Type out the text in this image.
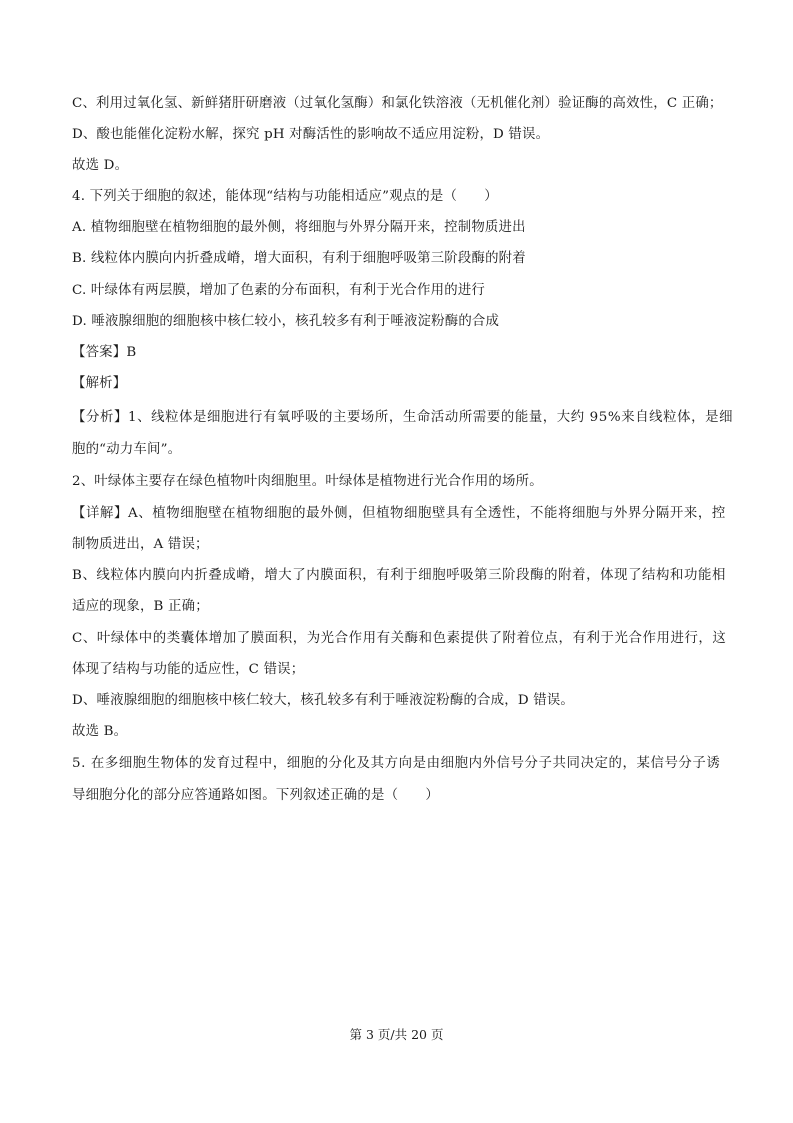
C、利用过氧化氢、新鲜猪肝研磨液（过氧化氢酶）和氯化铁溶液（无机催化剂）验证酶的高效性，C 正确；
D、酸也能催化淀粉水解，探究 pH 对酶活性的影响故不适应用淀粉，D 错误。
故选 D。
4. 下列关于细胞的叙述，能体现“结构与功能相适应”观点的是（　　）
A. 植物细胞壁在植物细胞的最外侧，将细胞与外界分隔开来，控制物质进出
B. 线粒体内膜向内折叠成嵴，增大面积，有利于细胞呼吸第三阶段酶的附着
C. 叶绿体有两层膜，增加了色素的分布面积，有利于光合作用的进行
D. 唾液腺细胞的细胞核中核仁较小，核孔较多有利于唾液淀粉酶的合成
【答案】B
【解析】
【分析】1、线粒体是细胞进行有氧呼吸的主要场所，生命活动所需要的能量，大约 95%来自线粒体，是细
胞的“动力车间”。
2、叶绿体主要存在绿色植物叶肉细胞里。叶绿体是植物进行光合作用的场所。
【详解】A、植物细胞壁在植物细胞的最外侧，但植物细胞壁具有全透性，不能将细胞与外界分隔开来，控
制物质进出，A 错误；
B、线粒体内膜向内折叠成嵴，增大了内膜面积，有利于细胞呼吸第三阶段酶的附着，体现了结构和功能相
适应的现象，B 正确；
C、叶绿体中的类囊体增加了膜面积，为光合作用有关酶和色素提供了附着位点，有利于光合作用进行，这
体现了结构与功能的适应性，C 错误；
D、唾液腺细胞的细胞核中核仁较大，核孔较多有利于唾液淀粉酶的合成，D 错误。
故选 B。
5. 在多细胞生物体的发育过程中，细胞的分化及其方向是由细胞内外信号分子共同决定的，某信号分子诱
导细胞分化的部分应答通路如图。下列叙述正确的是（　　）
第 3 页/共 20 页
